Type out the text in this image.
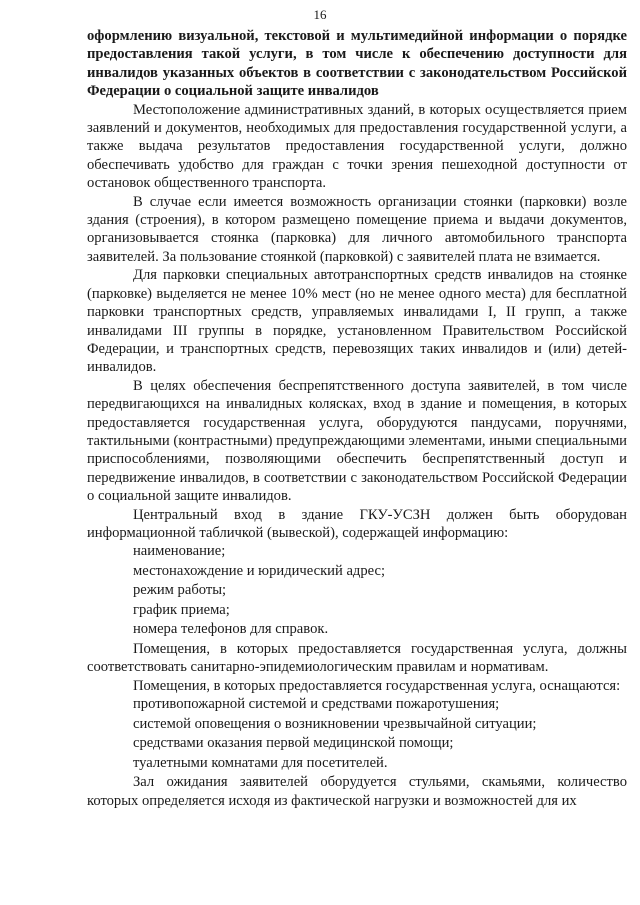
16

оформлению визуальной, текстовой и мультимедийной информации о порядке предоставления такой услуги, в том числе к обеспечению доступности для инвалидов указанных объектов в соответствии с законодательством Российской Федерации о социальной защите инвалидов

Местоположение административных зданий, в которых осуществляется прием заявлений и документов, необходимых для предоставления государственной услуги, а также выдача результатов предоставления государственной услуги, должно обеспечивать удобство для граждан с точки зрения пешеходной доступности от остановок общественного транспорта.

В случае если имеется возможность организации стоянки (парковки) возле здания (строения), в котором размещено помещение приема и выдачи документов, организовывается стоянка (парковка) для личного автомобильного транспорта заявителей. За пользование стоянкой (парковкой) с заявителей плата не взимается.

Для парковки специальных автотранспортных средств инвалидов на стоянке (парковке) выделяется не менее 10% мест (но не менее одного места) для бесплатной парковки транспортных средств, управляемых инвалидами I, II групп, а также инвалидами III группы в порядке, установленном Правительством Российской Федерации, и транспортных средств, перевозящих таких инвалидов и (или) детей-инвалидов.

В целях обеспечения беспрепятственного доступа заявителей, в том числе передвигающихся на инвалидных колясках, вход в здание и помещения, в которых предоставляется государственная услуга, оборудуются пандусами, поручнями, тактильными (контрастными) предупреждающими элементами, иными специальными приспособлениями, позволяющими обеспечить беспрепятственный доступ и передвижение инвалидов, в соответствии с законодательством Российской Федерации о социальной защите инвалидов.

Центральный вход в здание ГКУ-УСЗН должен быть оборудован информационной табличкой (вывеской), содержащей информацию:

наименование;

местонахождение и юридический адрес;

режим работы;

график приема;

номера телефонов для справок.

Помещения, в которых предоставляется государственная услуга, должны соответствовать санитарно-эпидемиологическим правилам и нормативам.

Помещения, в которых предоставляется государственная услуга, оснащаются:

противопожарной системой и средствами пожаротушения;

системой оповещения о возникновении чрезвычайной ситуации;

средствами оказания первой медицинской помощи;

туалетными комнатами для посетителей.

Зал ожидания заявителей оборудуется стульями, скамьями, количество которых определяется исходя из фактической нагрузки и возможностей для их
